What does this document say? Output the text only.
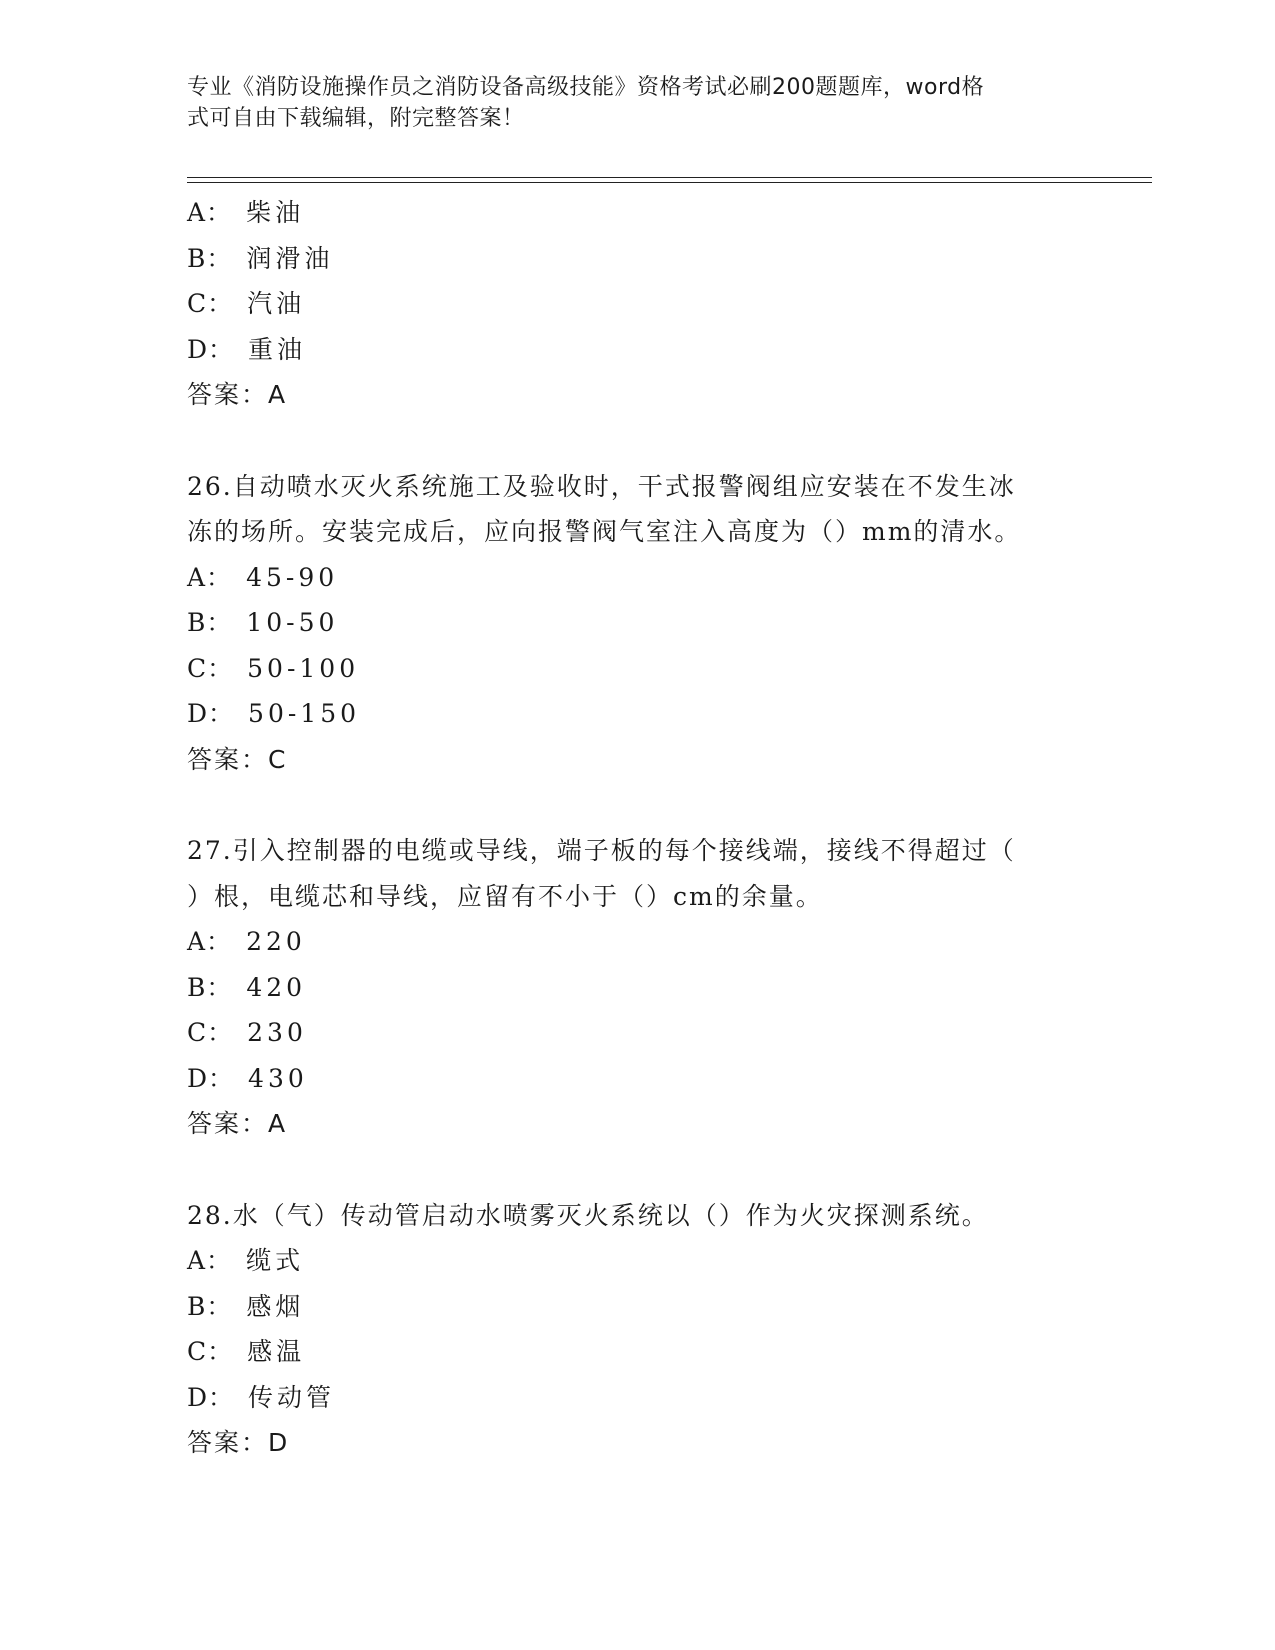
专业《消防设施操作员之消防设备高级技能》资格考试必刷200题题库，word格
式可自由下载编辑，附完整答案！
A： 柴油
B： 润滑油
C： 汽油
D： 重油
答案：A
26.自动喷水灭火系统施工及验收时，干式报警阀组应安装在不发生冰
冻的场所。安装完成后，应向报警阀气室注入高度为（）mm的清水。
A： 45-90
B： 10-50
C： 50-100
D： 50-150
答案：C
27.引入控制器的电缆或导线，端子板的每个接线端，接线不得超过（
）根，电缆芯和导线，应留有不小于（）cm的余量。
A： 220
B： 420
C： 230
D： 430
答案：A
28.水（气）传动管启动水喷雾灭火系统以（）作为火灾探测系统。
A： 缆式
B： 感烟
C： 感温
D： 传动管
答案：D
